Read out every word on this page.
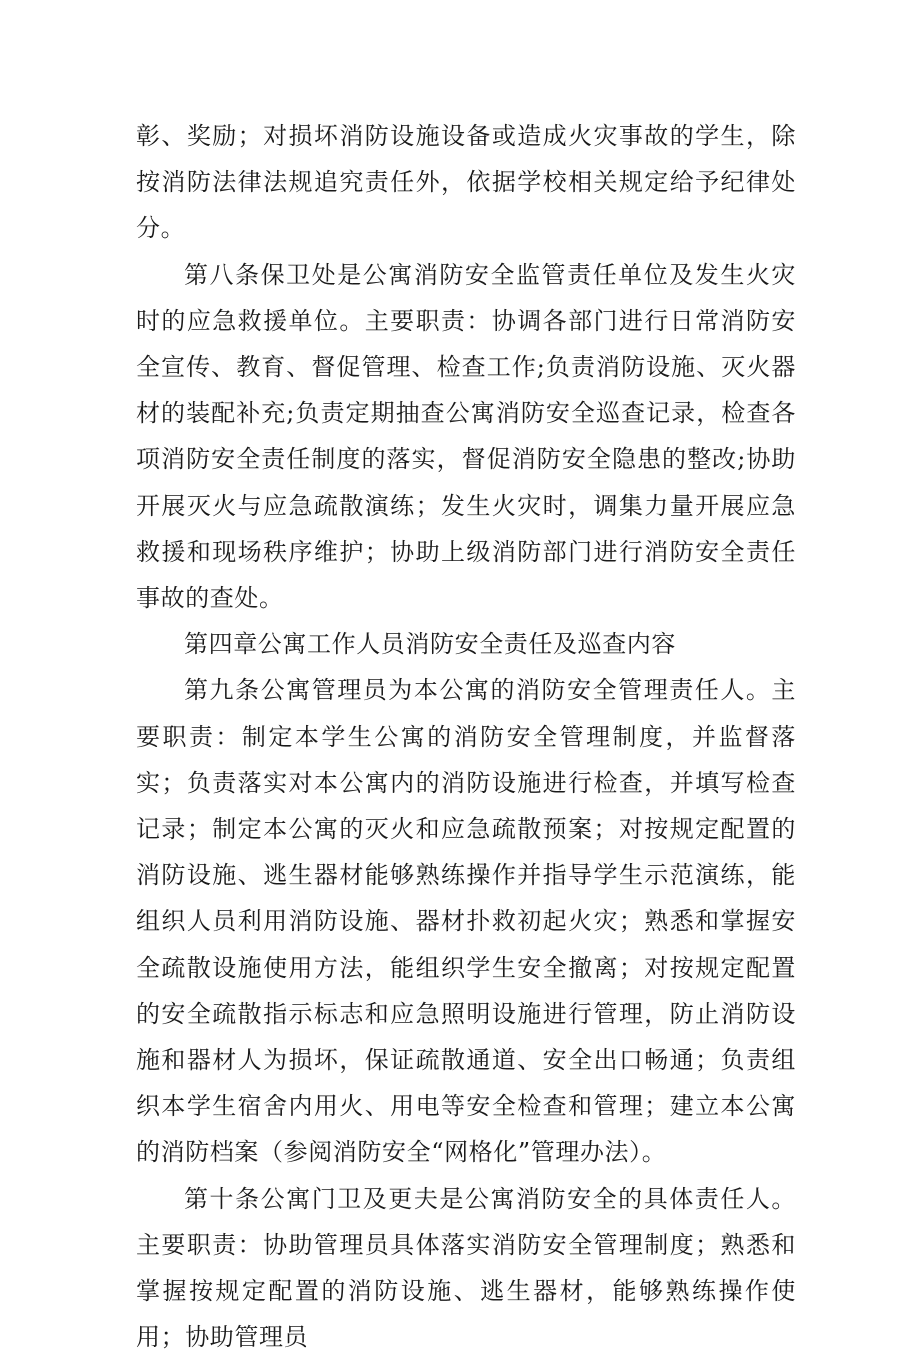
彰、奖励；对损坏消防设施设备或造成火灾事故的学生，除按消防法律法规追究责任外，依据学校相关规定给予纪律处分。

第八条保卫处是公寓消防安全监管责任单位及发生火灾时的应急救援单位。主要职责：协调各部门进行日常消防安全宣传、教育、督促管理、检查工作;负责消防设施、灭火器材的装配补充;负责定期抽查公寓消防安全巡查记录，检查各项消防安全责任制度的落实，督促消防安全隐患的整改;协助开展灭火与应急疏散演练；发生火灾时，调集力量开展应急救援和现场秩序维护；协助上级消防部门进行消防安全责任事故的查处。

第四章公寓工作人员消防安全责任及巡查内容

第九条公寓管理员为本公寓的消防安全管理责任人。主要职责：制定本学生公寓的消防安全管理制度，并监督落实；负责落实对本公寓内的消防设施进行检查，并填写检查记录；制定本公寓的灭火和应急疏散预案；对按规定配置的消防设施、逃生器材能够熟练操作并指导学生示范演练，能组织人员利用消防设施、器材扑救初起火灾；熟悉和掌握安全疏散设施使用方法，能组织学生安全撤离；对按规定配置的安全疏散指示标志和应急照明设施进行管理，防止消防设施和器材人为损坏，保证疏散通道、安全出口畅通；负责组织本学生宿舍内用火、用电等安全检查和管理；建立本公寓的消防档案（参阅消防安全“网格化”管理办法）。

第十条公寓门卫及更夫是公寓消防安全的具体责任人。主要职责：协助管理员具体落实消防安全管理制度；熟悉和掌握按规定配置的消防设施、逃生器材，能够熟练操作使用；协助管理员
